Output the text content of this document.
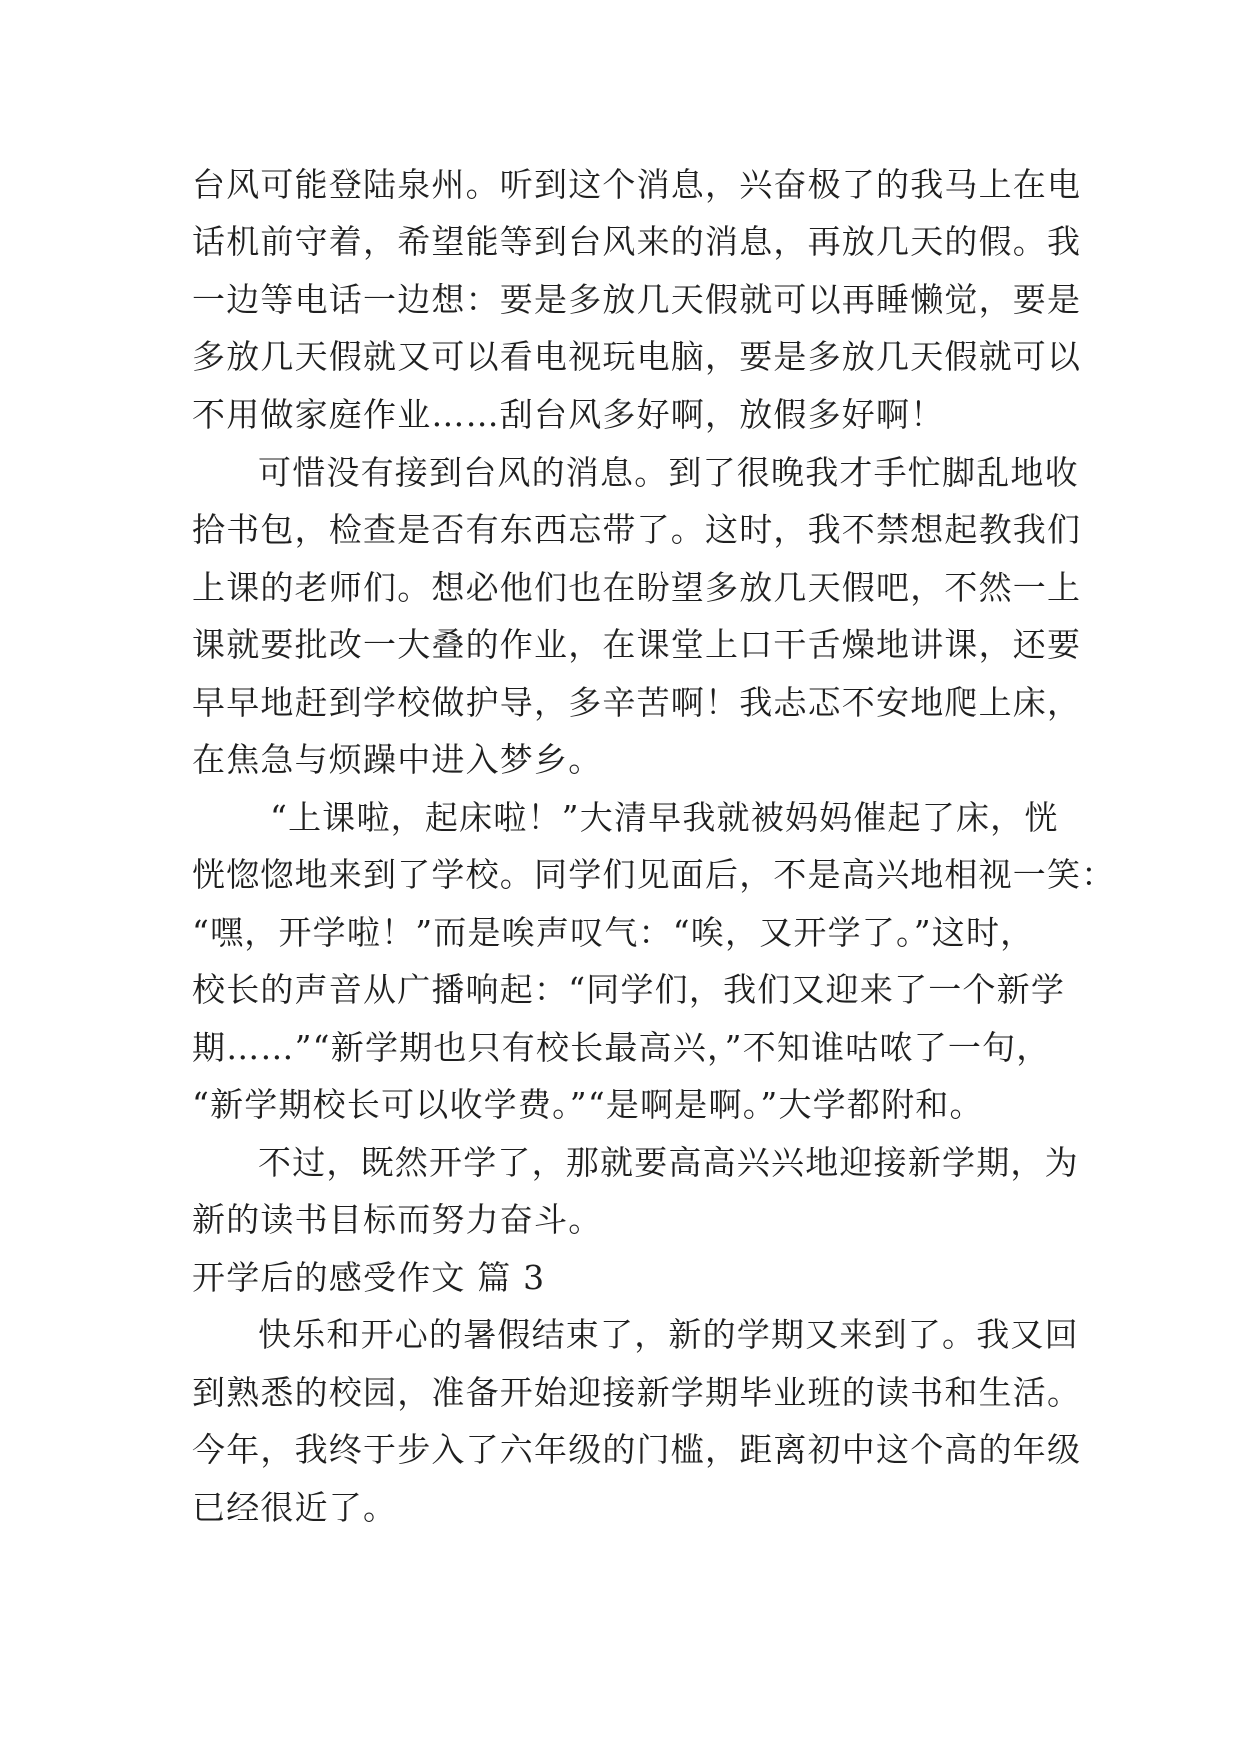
台风可能登陆泉州。听到这个消息，兴奋极了的我马上在电
话机前守着，希望能等到台风来的消息，再放几天的假。我
一边等电话一边想：要是多放几天假就可以再睡懒觉，要是
多放几天假就又可以看电视玩电脑，要是多放几天假就可以
不用做家庭作业……刮台风多好啊，放假多好啊！
可惜没有接到台风的消息。到了很晚我才手忙脚乱地收
拾书包，检查是否有东西忘带了。这时，我不禁想起教我们
上课的老师们。想必他们也在盼望多放几天假吧，不然一上
课就要批改一大叠的作业，在课堂上口干舌燥地讲课，还要
早早地赶到学校做护导，多辛苦啊！我忐忑不安地爬上床，
在焦急与烦躁中进入梦乡。
“上课啦，起床啦！”大清早我就被妈妈催起了床，恍
恍惚惚地来到了学校。同学们见面后，不是高兴地相视一笑：
“嘿，开学啦！”而是唉声叹气：“唉，又开学了。”这时，
校长的声音从广播响起：“同学们，我们又迎来了一个新学
期……”“新学期也只有校长最高兴，”不知谁咕哝了一句，
“新学期校长可以收学费。”“是啊是啊。”大学都附和。
不过，既然开学了，那就要高高兴兴地迎接新学期，为
新的读书目标而努力奋斗。
开学后的感受作文 篇 3
快乐和开心的暑假结束了，新的学期又来到了。我又回
到熟悉的校园，准备开始迎接新学期毕业班的读书和生活。
今年，我终于步入了六年级的门槛，距离初中这个高的年级
已经很近了。
